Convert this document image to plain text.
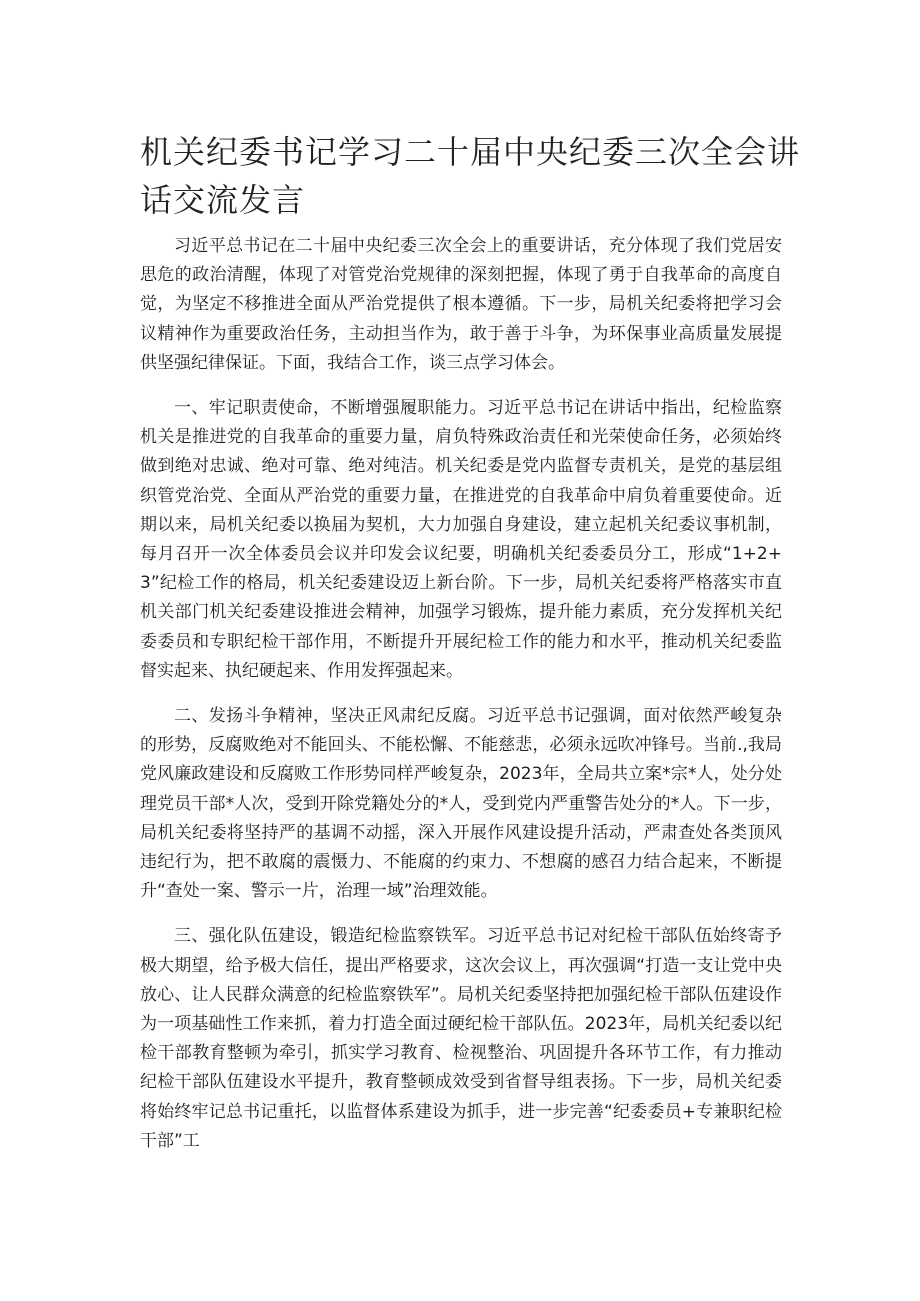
机关纪委书记学习二十届中央纪委三次全会讲话交流发言

习近平总书记在二十届中央纪委三次全会上的重要讲话，充分体现了我们党居安思危的政治清醒，体现了对管党治党规律的深刻把握，体现了勇于自我革命的高度自觉，为坚定不移推进全面从严治党提供了根本遵循。下一步，局机关纪委将把学习会议精神作为重要政治任务，主动担当作为，敢于善于斗争，为环保事业高质量发展提供坚强纪律保证。下面，我结合工作，谈三点学习体会。

一、牢记职责使命，不断增强履职能力。习近平总书记在讲话中指出，纪检监察机关是推进党的自我革命的重要力量，肩负特殊政治责任和光荣使命任务，必须始终做到绝对忠诚、绝对可靠、绝对纯洁。机关纪委是党内监督专责机关，是党的基层组织管党治党、全面从严治党的重要力量，在推进党的自我革命中肩负着重要使命。近期以来，局机关纪委以换届为契机，大力加强自身建设，建立起机关纪委议事机制，每月召开一次全体委员会议并印发会议纪要，明确机关纪委委员分工，形成“1+2+3”纪检工作的格局，机关纪委建设迈上新台阶。下一步，局机关纪委将严格落实市直机关部门机关纪委建设推进会精神，加强学习锻炼，提升能力素质，充分发挥机关纪委委员和专职纪检干部作用，不断提升开展纪检工作的能力和水平，推动机关纪委监督实起来、执纪硬起来、作用发挥强起来。

二、发扬斗争精神，坚决正风肃纪反腐。习近平总书记强调，面对依然严峻复杂的形势，反腐败绝对不能回头、不能松懈、不能慈悲，必须永远吹冲锋号。当前.,我局党风廉政建设和反腐败工作形势同样严峻复杂，2023年，全局共立案*宗*人，处分处理党员干部*人次，受到开除党籍处分的*人，受到党内严重警告处分的*人。下一步，局机关纪委将坚持严的基调不动摇，深入开展作风建设提升活动，严肃查处各类顶风违纪行为，把不敢腐的震慑力、不能腐的约束力、不想腐的感召力结合起来，不断提升“查处一案、警示一片，治理一域”治理效能。

三、强化队伍建设，锻造纪检监察铁军。习近平总书记对纪检干部队伍始终寄予极大期望，给予极大信任，提出严格要求，这次会议上，再次强调“打造一支让党中央放心、让人民群众满意的纪检监察铁军”。局机关纪委坚持把加强纪检干部队伍建设作为一项基础性工作来抓，着力打造全面过硬纪检干部队伍。2023年，局机关纪委以纪检干部教育整顿为牵引，抓实学习教育、检视整治、巩固提升各环节工作，有力推动纪检干部队伍建设水平提升，教育整顿成效受到省督导组表扬。下一步，局机关纪委将始终牢记总书记重托，以监督体系建设为抓手，进一步完善“纪委委员+专兼职纪检干部”工
